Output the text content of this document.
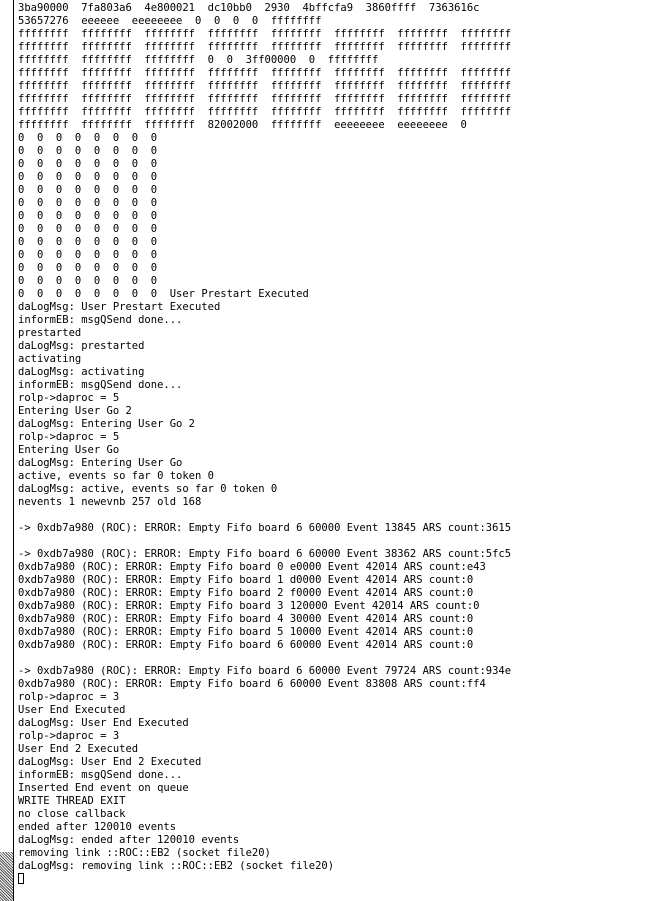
3ba90000  7fa803a6  4e800021  dc10bb0  2930  4bffcfa9  3860ffff  7363616c
53657276  eeeeee  eeeeeeee  0  0  0  0  ffffffff
ffffffff  ffffffff  ffffffff  ffffffff  ffffffff  ffffffff  ffffffff  ffffffff
ffffffff  ffffffff  ffffffff  ffffffff  ffffffff  ffffffff  ffffffff  ffffffff
ffffffff  ffffffff  ffffffff  0  0  3ff00000  0  ffffffff
ffffffff  ffffffff  ffffffff  ffffffff  ffffffff  ffffffff  ffffffff  ffffffff
ffffffff  ffffffff  ffffffff  ffffffff  ffffffff  ffffffff  ffffffff  ffffffff
ffffffff  ffffffff  ffffffff  ffffffff  ffffffff  ffffffff  ffffffff  ffffffff
ffffffff  ffffffff  ffffffff  ffffffff  ffffffff  ffffffff  ffffffff  ffffffff
ffffffff  ffffffff  ffffffff  82002000  ffffffff  eeeeeeee  eeeeeeee  0
0  0  0  0  0  0  0  0
0  0  0  0  0  0  0  0
0  0  0  0  0  0  0  0
0  0  0  0  0  0  0  0
0  0  0  0  0  0  0  0
0  0  0  0  0  0  0  0
0  0  0  0  0  0  0  0
0  0  0  0  0  0  0  0
0  0  0  0  0  0  0  0
0  0  0  0  0  0  0  0
0  0  0  0  0  0  0  0
0  0  0  0  0  0  0  0
0  0  0  0  0  0  0  0  User Prestart Executed
daLogMsg: User Prestart Executed
informEB: msgQSend done...
prestarted
daLogMsg: prestarted
activating
daLogMsg: activating
informEB: msgQSend done...
rolp->daproc = 5
Entering User Go 2
daLogMsg: Entering User Go 2
rolp->daproc = 5
Entering User Go
daLogMsg: Entering User Go
active, events so far 0 token 0
daLogMsg: active, events so far 0 token 0
nevents 1 newevnb 257 old 168
-> 0xdb7a980 (ROC): ERROR: Empty Fifo board 6 60000 Event 13845 ARS count:3615
-> 0xdb7a980 (ROC): ERROR: Empty Fifo board 6 60000 Event 38362 ARS count:5fc5
0xdb7a980 (ROC): ERROR: Empty Fifo board 0 e0000 Event 42014 ARS count:e43
0xdb7a980 (ROC): ERROR: Empty Fifo board 1 d0000 Event 42014 ARS count:0
0xdb7a980 (ROC): ERROR: Empty Fifo board 2 f0000 Event 42014 ARS count:0
0xdb7a980 (ROC): ERROR: Empty Fifo board 3 120000 Event 42014 ARS count:0
0xdb7a980 (ROC): ERROR: Empty Fifo board 4 30000 Event 42014 ARS count:0
0xdb7a980 (ROC): ERROR: Empty Fifo board 5 10000 Event 42014 ARS count:0
0xdb7a980 (ROC): ERROR: Empty Fifo board 6 60000 Event 42014 ARS count:0
-> 0xdb7a980 (ROC): ERROR: Empty Fifo board 6 60000 Event 79724 ARS count:934e
0xdb7a980 (ROC): ERROR: Empty Fifo board 6 60000 Event 83808 ARS count:ff4
rolp->daproc = 3
User End Executed
daLogMsg: User End Executed
rolp->daproc = 3
User End 2 Executed
daLogMsg: User End 2 Executed
informEB: msgQSend done...
Inserted End event on queue
WRITE THREAD EXIT
no close callback
ended after 120010 events
daLogMsg: ended after 120010 events
removing link ::ROC::EB2 (socket file20)
daLogMsg: removing link ::ROC::EB2 (socket file20)
